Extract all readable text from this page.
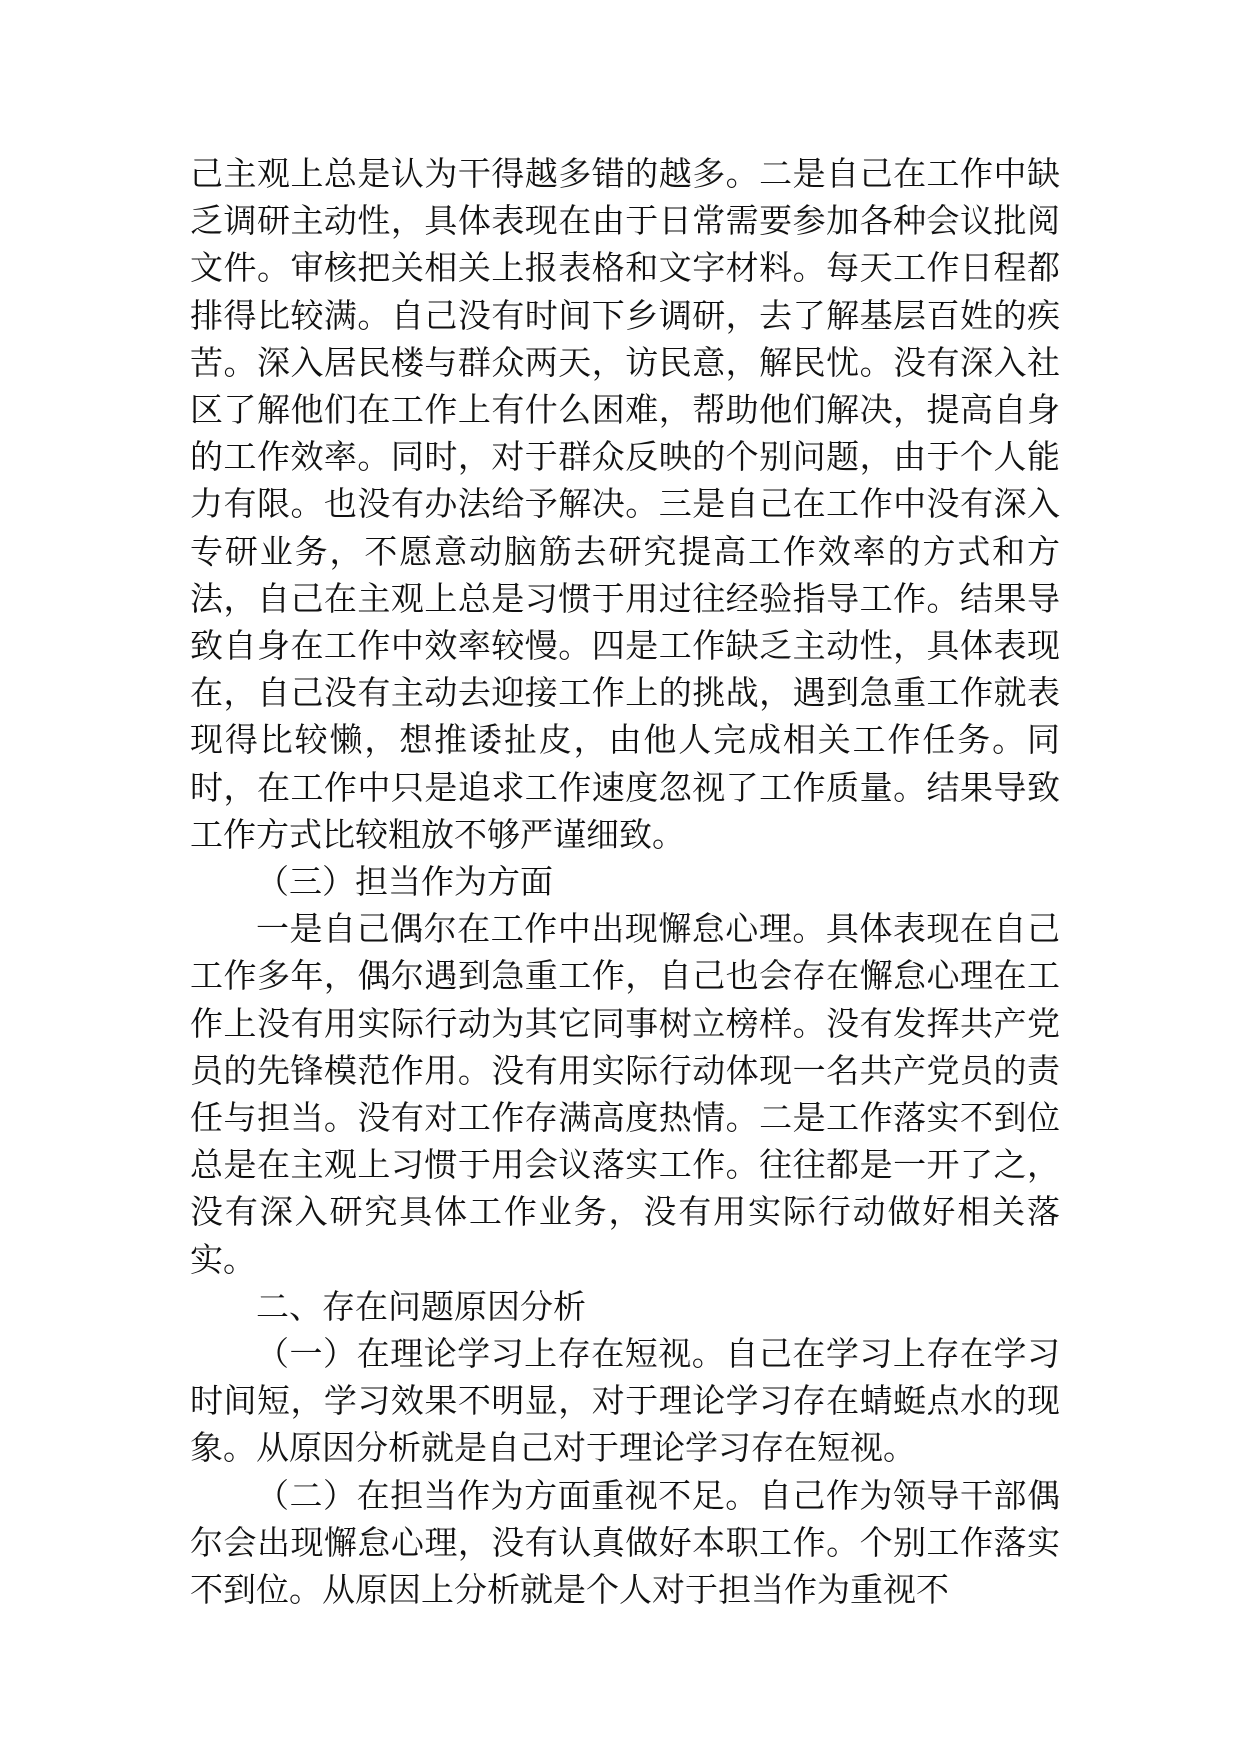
己主观上总是认为干得越多错的越多。二是自己在工作中缺乏调研主动性，具体表现在由于日常需要参加各种会议批阅文件。审核把关相关上报表格和文字材料。每天工作日程都排得比较满。自己没有时间下乡调研，去了解基层百姓的疾苦。深入居民楼与群众两天，访民意，解民忧。没有深入社区了解他们在工作上有什么困难，帮助他们解决，提高自身的工作效率。同时，对于群众反映的个别问题，由于个人能力有限。也没有办法给予解决。三是自己在工作中没有深入专研业务，不愿意动脑筋去研究提高工作效率的方式和方法，自己在主观上总是习惯于用过往经验指导工作。结果导致自身在工作中效率较慢。四是工作缺乏主动性，具体表现在，自己没有主动去迎接工作上的挑战，遇到急重工作就表现得比较懒，想推诿扯皮，由他人完成相关工作任务。同时，在工作中只是追求工作速度忽视了工作质量。结果导致工作方式比较粗放不够严谨细致。

（三）担当作为方面

一是自己偶尔在工作中出现懈怠心理。具体表现在自己工作多年，偶尔遇到急重工作，自己也会存在懈怠心理在工作上没有用实际行动为其它同事树立榜样。没有发挥共产党员的先锋模范作用。没有用实际行动体现一名共产党员的责任与担当。没有对工作存满高度热情。二是工作落实不到位总是在主观上习惯于用会议落实工作。往往都是一开了之，没有深入研究具体工作业务，没有用实际行动做好相关落实。

二、存在问题原因分析

（一）在理论学习上存在短视。自己在学习上存在学习时间短，学习效果不明显，对于理论学习存在蜻蜓点水的现象。从原因分析就是自己对于理论学习存在短视。

（二）在担当作为方面重视不足。自己作为领导干部偶尔会出现懈怠心理，没有认真做好本职工作。个别工作落实不到位。从原因上分析就是个人对于担当作为重视不
